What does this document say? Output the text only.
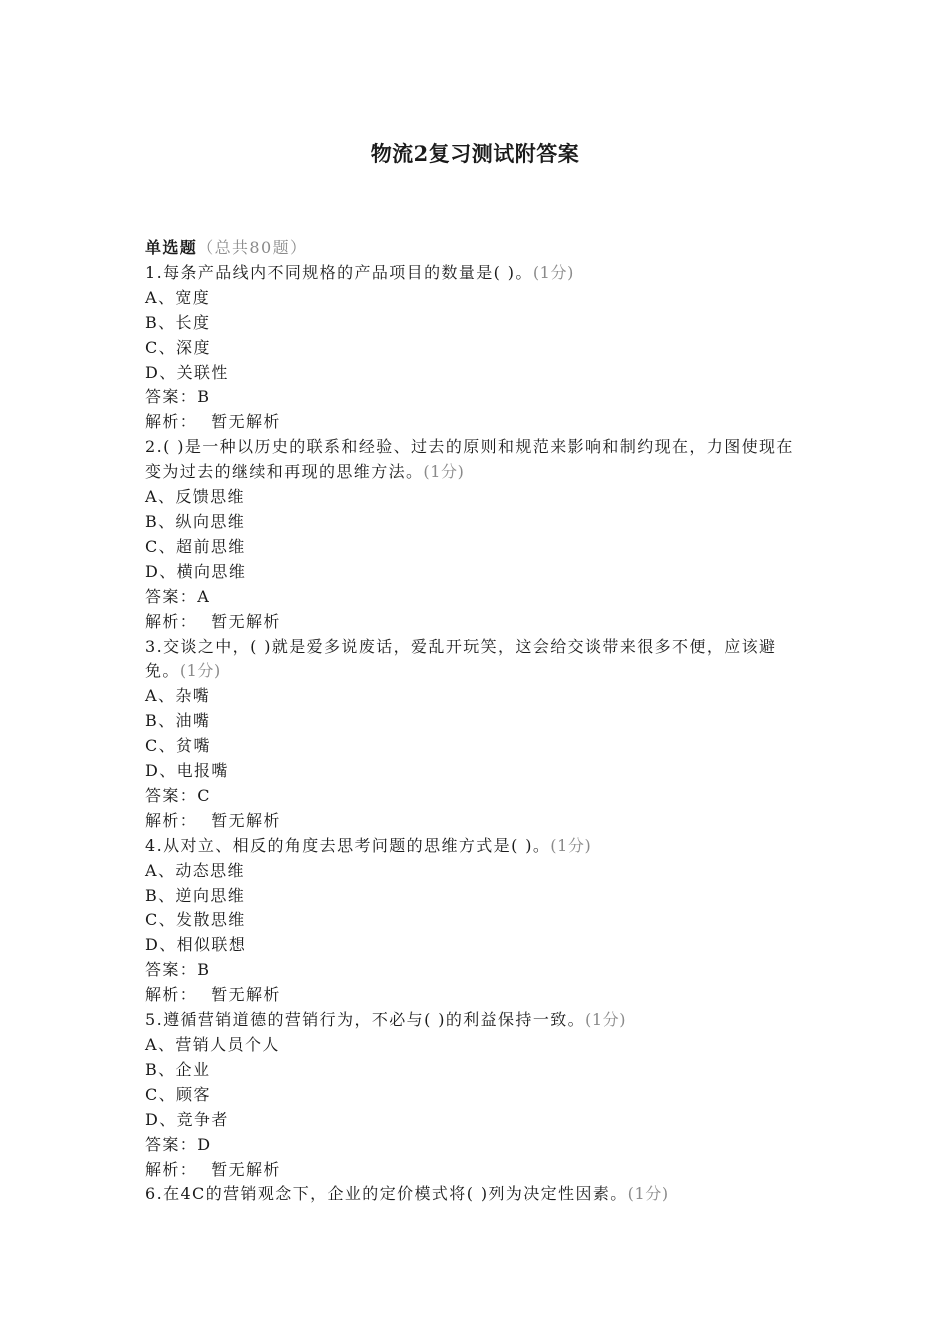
物流2复习测试附答案
单选题（总共80题）
1.每条产品线内不同规格的产品项目的数量是( )。(1分)
A、宽度
B、长度
C、深度
D、关联性
答案：B
解析： 暂无解析
2.( )是一种以历史的联系和经验、过去的原则和规范来影响和制约现在，力图使现在变为过去的继续和再现的思维方法。(1分)
A、反馈思维
B、纵向思维
C、超前思维
D、横向思维
答案：A
解析： 暂无解析
3.交谈之中，( )就是爱多说废话，爱乱开玩笑，这会给交谈带来很多不便，应该避免。(1分)
A、杂嘴
B、油嘴
C、贫嘴
D、电报嘴
答案：C
解析： 暂无解析
4.从对立、相反的角度去思考问题的思维方式是( )。(1分)
A、动态思维
B、逆向思维
C、发散思维
D、相似联想
答案：B
解析： 暂无解析
5.遵循营销道德的营销行为，不必与( )的利益保持一致。(1分)
A、营销人员个人
B、企业
C、顾客
D、竞争者
答案：D
解析： 暂无解析
6.在4C的营销观念下，企业的定价模式将( )列为决定性因素。(1分)
